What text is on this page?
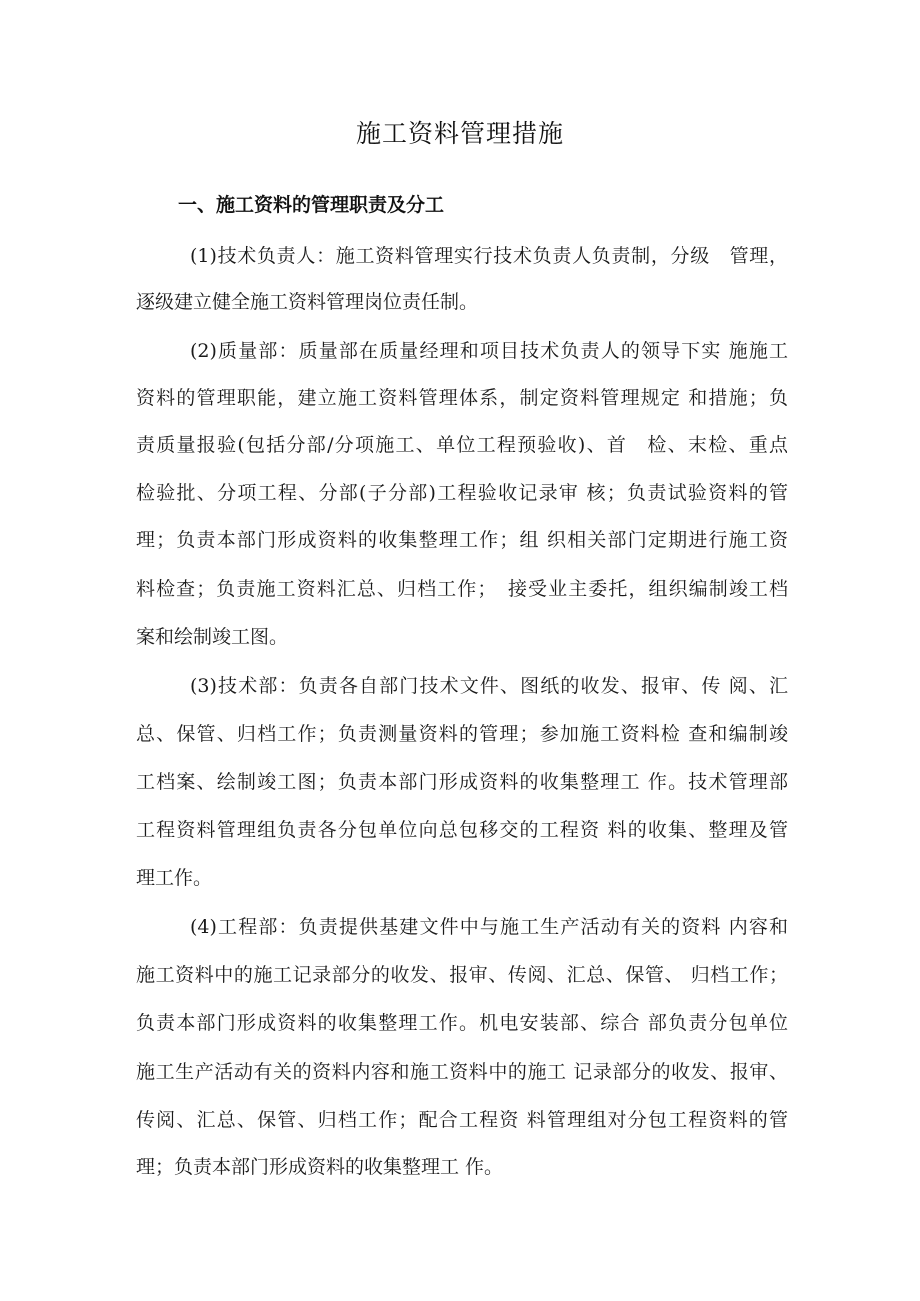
施工资料管理措施
一、施工资料的管理职责及分工
(1)技术负责人：施工资料管理实行技术负责人负责制，分级　管理，
逐级建立健全施工资料管理岗位责任制。
(2)质量部：质量部在质量经理和项目技术负责人的领导下实 施施工
资料的管理职能，建立施工资料管理体系，制定资料管理规定 和措施；负
责质量报验(包括分部/分项施工、单位工程预验收)、首　检、末检、重点
检验批、分项工程、分部(子分部)工程验收记录审 核；负责试验资料的管
理；负责本部门形成资料的收集整理工作；组 织相关部门定期进行施工资
料检查；负责施工资料汇总、归档工作；　接受业主委托，组织编制竣工档
案和绘制竣工图。
(3)技术部：负责各自部门技术文件、图纸的收发、报审、传 阅、汇
总、保管、归档工作；负责测量资料的管理；参加施工资料检 查和编制竣
工档案、绘制竣工图；负责本部门形成资料的收集整理工 作。技术管理部
工程资料管理组负责各分包单位向总包移交的工程资 料的收集、整理及管
理工作。
(4)工程部：负责提供基建文件中与施工生产活动有关的资料 内容和
施工资料中的施工记录部分的收发、报审、传阅、汇总、保管、 归档工作；
负责本部门形成资料的收集整理工作。机电安装部、综合 部负责分包单位
施工生产活动有关的资料内容和施工资料中的施工 记录部分的收发、报审、
传阅、汇总、保管、归档工作；配合工程资 料管理组对分包工程资料的管
理；负责本部门形成资料的收集整理工 作。
